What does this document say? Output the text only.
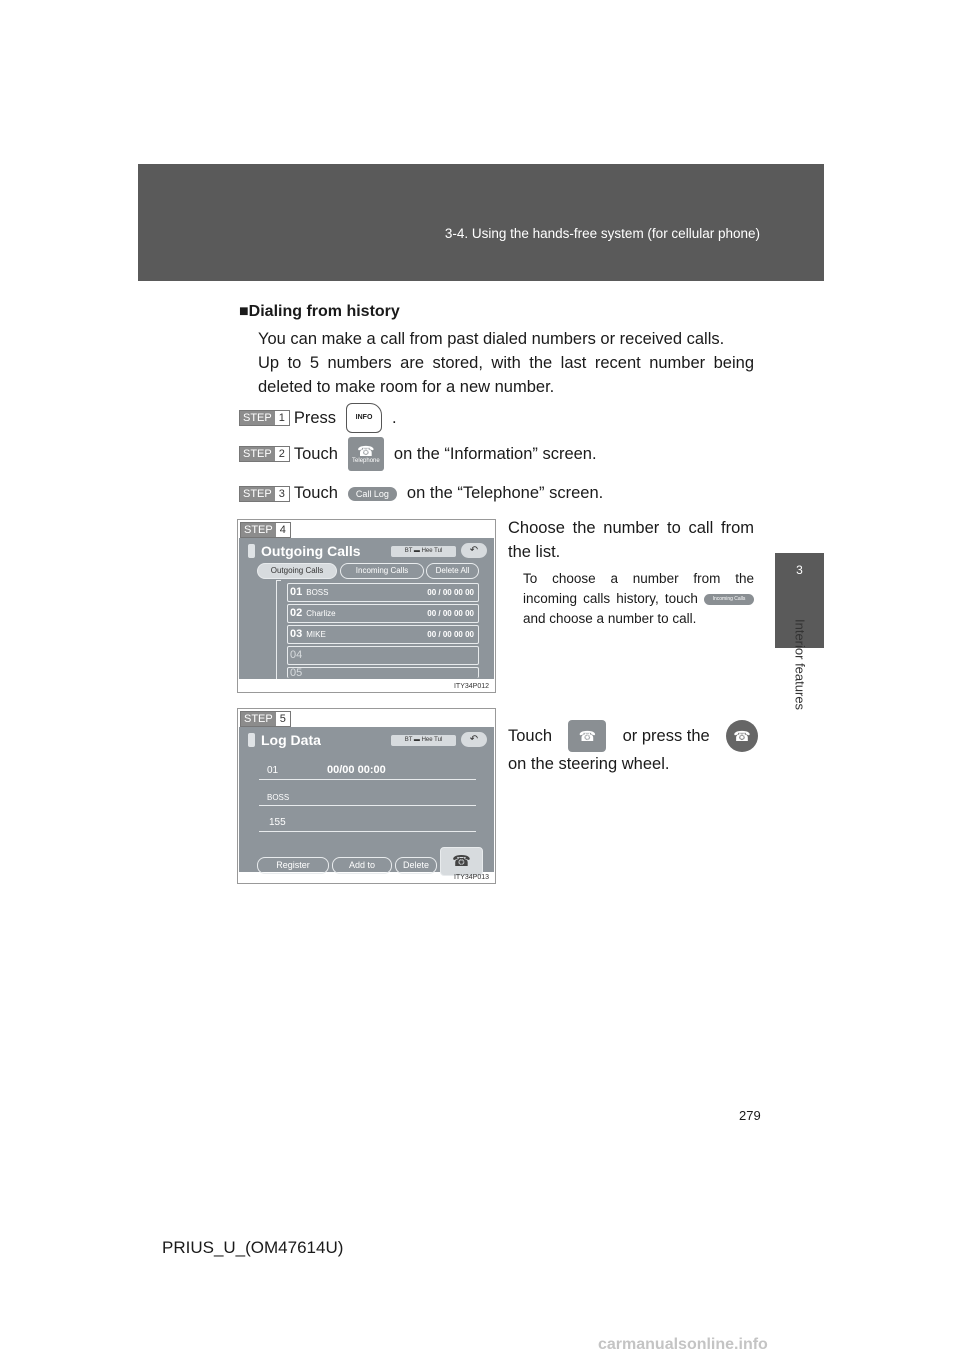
3-4. Using the hands-free system (for cellular phone)
3
Interior features
■Dialing from history

You can make a call from past dialed numbers or received calls.

Up to 5 numbers are stored, with the last recent number being deleted to make room for a new number.

STEP 1 Press	INFO	.
STEP 2 Touch ☎
Telephone on the “Information” screen.
STEP 3 Touch	Call Log	on the “Telephone” screen.
STEP 4
Outgoing Calls	BT ▬ Hee Tul	↶
Outgoing Calls	Incoming Calls	Delete All
01 BOSS	00 / 00 00 00
02 Charlize	00 / 00 00 00
03 MIKE	00 / 00 00 00
04
05
ITY34P012
Choose the number to call from the list.
To choose a number from the incoming calls history, touch	Incoming Calls and choose a number to call.
STEP 5
Log Data	BT ▬ Hee Tul	↶
01	00/00 00:00
BOSS
155
Register	Add to	Delete	☎
ITY34P013
Touch	☎	or press the	☎
on the steering wheel.
279
PRIUS_U_(OM47614U)
carmanualsonline.info
